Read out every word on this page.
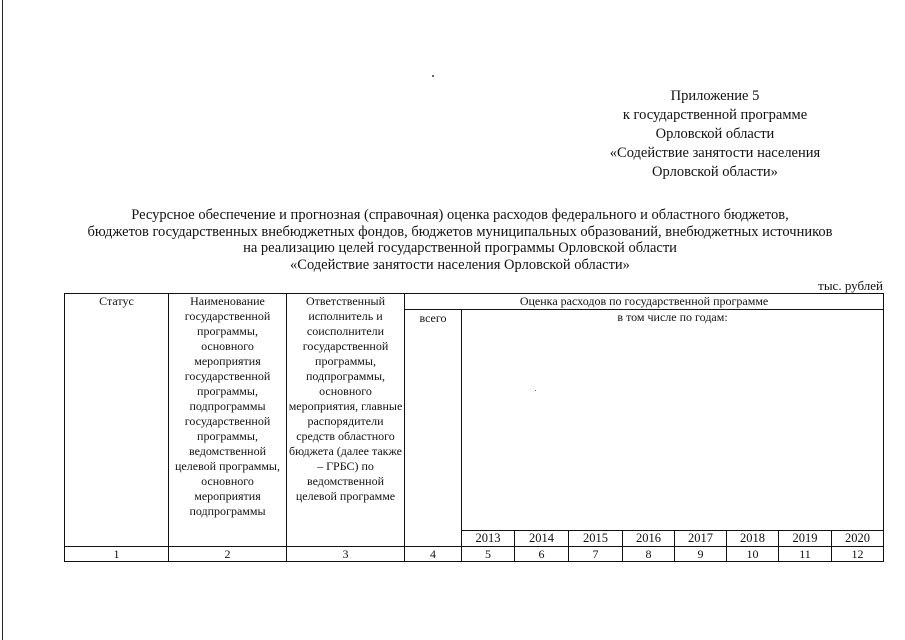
Приложение 5
к государственной программе
Орловской области
«Содействие занятости населения
Орловской области»
Ресурсное обеспечение и прогнозная (справочная) оценка расходов федерального и областного бюджетов,
бюджетов государственных внебюджетных фондов, бюджетов муниципальных образований, внебюджетных источников
на реализацию целей государственной программы Орловской области
«Содействие занятости населения Орловской области»
тыс. рублей
Статус	Наименование государственной программы, основного мероприятия государственной программы, подпрограммы государственной программы, ведомственной целевой программы, основного мероприятия подпрограммы	Ответственный исполнитель и соисполнители государственной программы, подпрограммы, основного мероприятия, главные распорядители средств областного бюджета (далее также – ГРБС) по ведомственной целевой программе	Оценка расходов по государственной программе								
			всего	в том числе по годам:							
				2013	2014	2015	2016	2017	2018	2019	2020
1	2	3	4	5	6	7	8	9	10	11	12
